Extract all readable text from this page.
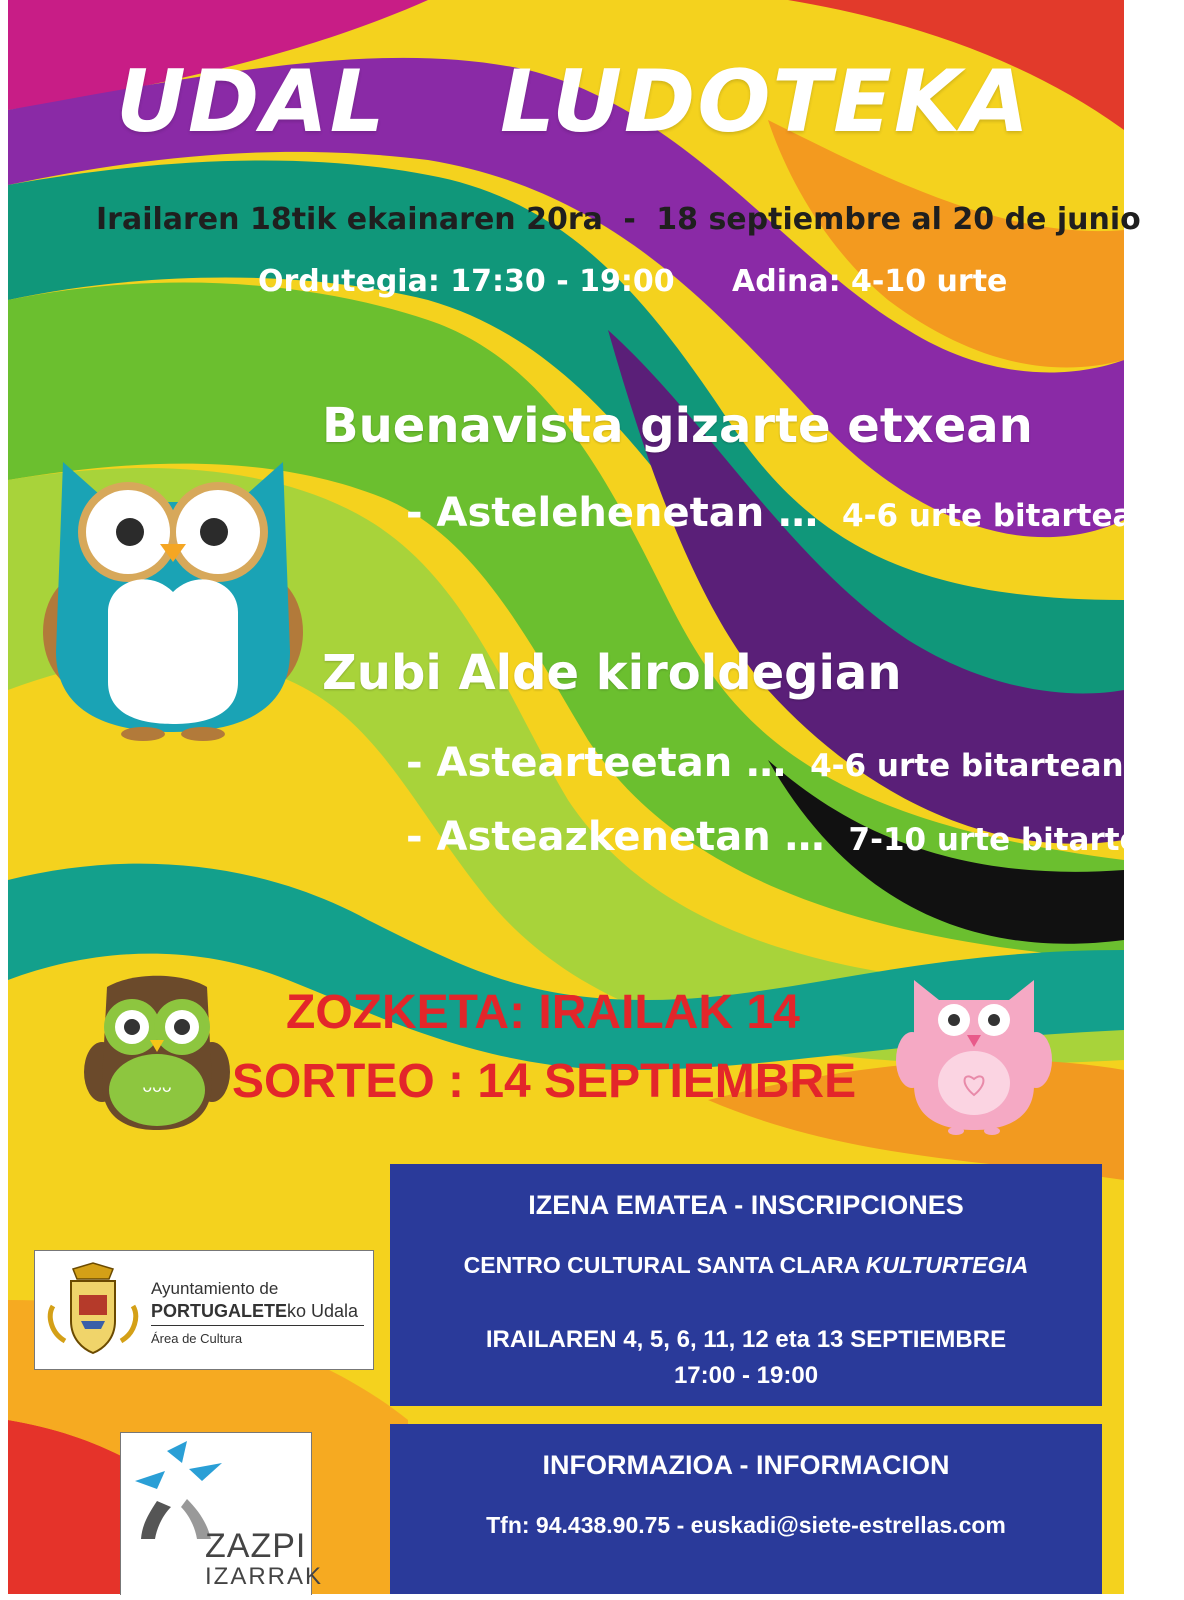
UDAL LUDOTEKA
Irailaren 18tik ekainaren 20ra - 18 septiembre al 20 de junio
Ordutegia: 17:30 - 19:00 Adina: 4-10 urte
Buenavista gizarte etxean
- Astelehenetan … 4-6 urte bitartean
Zubi Alde kiroldegian
- Astearteetan … 4-6 urte bitartean
- Asteazkenetan … 7-10 urte bitartean
ᴗᴗᴗ
ZOZKETA: IRAILAK 14
SORTEO : 14 SEPTIEMBRE
Ayuntamiento de
PORTUGALETEko Udala
Área de Cultura
ZAZPI
IZARRAK
IZENA EMATEA - INSCRIPCIONES
CENTRO CULTURAL SANTA CLARA KULTURTEGIA
IRAILAREN 4, 5, 6, 11, 12 eta 13 SEPTIEMBRE
17:00 - 19:00
INFORMAZIOA - INFORMACION
Tfn: 94.438.90.75 - euskadi@siete-estrellas.com
